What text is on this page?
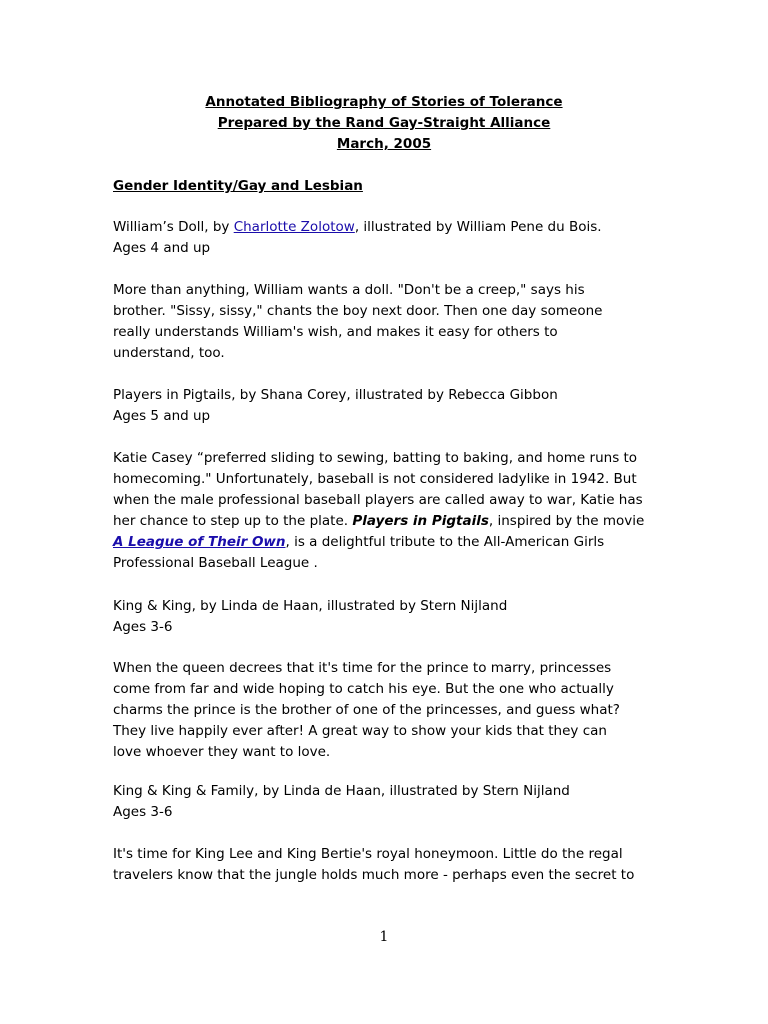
Annotated Bibliography of Stories of Tolerance
Prepared by the Rand Gay-Straight Alliance
March, 2005
Gender Identity/Gay and Lesbian
William’s Doll, by Charlotte Zolotow, illustrated by William Pene du Bois.
Ages 4 and up
More than anything, William wants a doll. "Don't be a creep," says his
brother. "Sissy, sissy," chants the boy next door. Then one day someone
really understands William's wish, and makes it easy for others to
understand, too.
Players in Pigtails, by Shana Corey, illustrated by Rebecca Gibbon
Ages 5 and up
Katie Casey “preferred sliding to sewing, batting to baking, and home runs to
homecoming." Unfortunately, baseball is not considered ladylike in 1942. But
when the male professional baseball players are called away to war, Katie has
her chance to step up to the plate. Players in Pigtails, inspired by the movie
A League of Their Own, is a delightful tribute to the All-American Girls
Professional Baseball League .
King & King, by Linda de Haan, illustrated by Stern Nijland
Ages 3-6
When the queen decrees that it's time for the prince to marry, princesses
come from far and wide hoping to catch his eye. But the one who actually
charms the prince is the brother of one of the princesses, and guess what?
They live happily ever after! A great way to show your kids that they can
love whoever they want to love.
King & King & Family, by Linda de Haan, illustrated by Stern Nijland
Ages 3-6
It's time for King Lee and King Bertie's royal honeymoon. Little do the regal
travelers know that the jungle holds much more - perhaps even the secret to
1
